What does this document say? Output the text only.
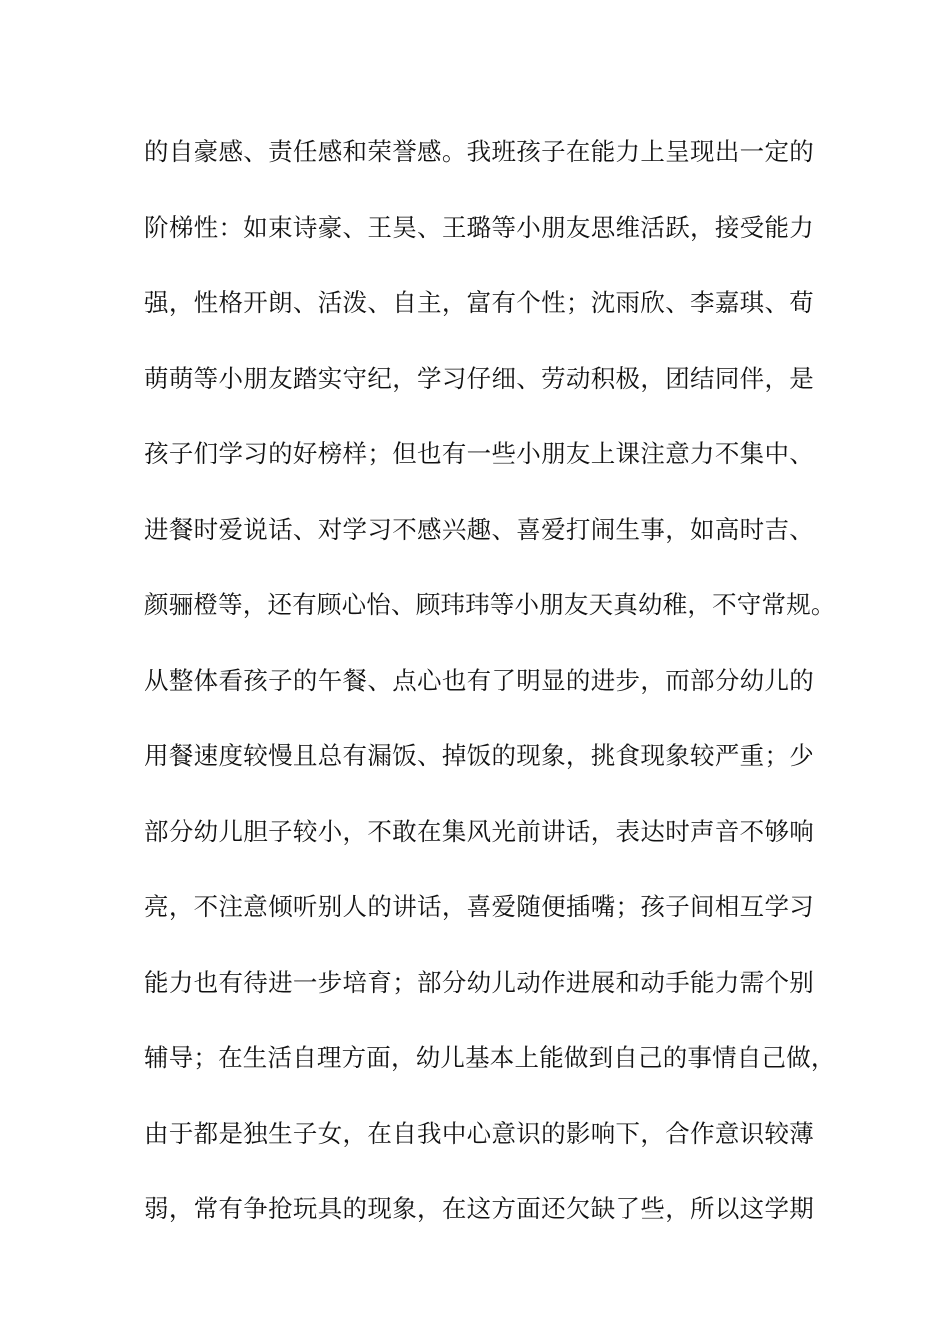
的自豪感、责任感和荣誉感。我班孩子在能力上呈现出一定的
阶梯性：如束诗豪、王昊、王璐等小朋友思维活跃，接受能力
强，性格开朗、活泼、自主，富有个性；沈雨欣、李嘉琪、荀
萌萌等小朋友踏实守纪，学习仔细、劳动积极，团结同伴，是
孩子们学习的好榜样；但也有一些小朋友上课注意力不集中、
进餐时爱说话、对学习不感兴趣、喜爱打闹生事，如高时吉、
颜骊橙等，还有顾心怡、顾玮玮等小朋友天真幼稚，不守常规。
从整体看孩子的午餐、点心也有了明显的进步，而部分幼儿的
用餐速度较慢且总有漏饭、掉饭的现象，挑食现象较严重；少
部分幼儿胆子较小，不敢在集风光前讲话，表达时声音不够响
亮，不注意倾听别人的讲话，喜爱随便插嘴；孩子间相互学习
能力也有待进一步培育；部分幼儿动作进展和动手能力需个别
辅导；在生活自理方面，幼儿基本上能做到自己的事情自己做，
由于都是独生子女，在自我中心意识的影响下，合作意识较薄
弱，常有争抢玩具的现象，在这方面还欠缺了些，所以这学期
